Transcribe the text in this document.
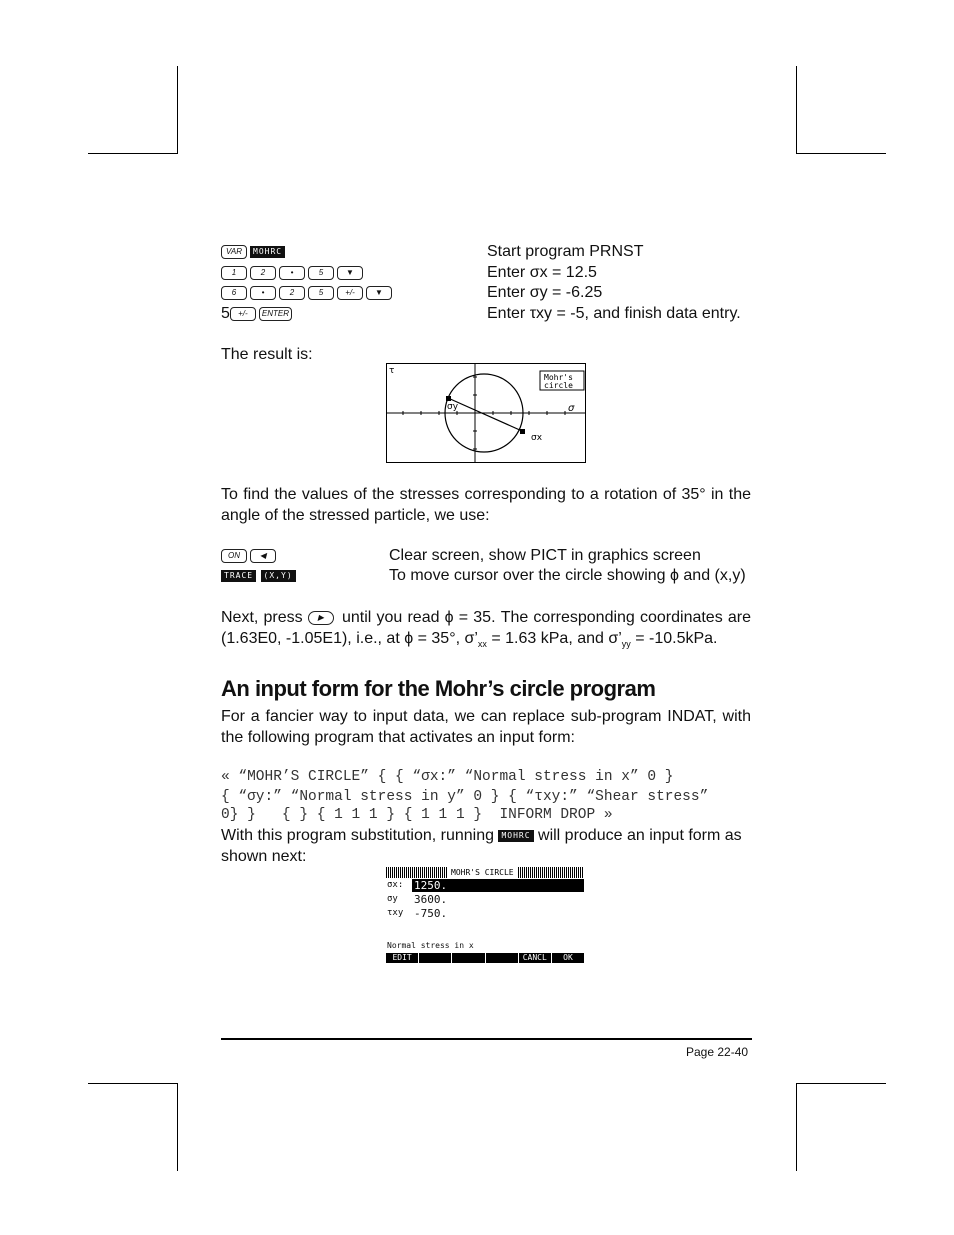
VAR MOHRC	Start program PRNST
1	2	•	5	▼	Enter σx = 12.5
6	•	2	5	+/-	▼	Enter σy = -6.25
5 +/- ENTER	Enter τxy = -5, and finish data entry.
The result is:
τ
σ
σy
σx
Mohr's
circle
To find the values of the stresses corresponding to a rotation of 35° in the angle of the stressed particle, we use:
ON ◀	Clear screen, show PICT in graphics screen
TRACE (X,Y)	To move cursor over the circle showing ϕ and (x,y)
Next, press ▶ until you read ϕ = 35. The corresponding coordinates are (1.63E0, -1.05E1), i.e., at ϕ = 35°, $\sigma’_{xx} = 1.63$ kPa, and $\sigma’_{yy} = -10.5kPa$.
An input form for the Mohr’s circle program
For a fancier way to input data, we can replace sub-program INDAT, with the following program that activates an input form:
« “MOHR’S CIRCLE” { { “σx:” “Normal stress in x” 0 }
{ “σy:” “Normal stress in y” 0 } { “τxy:” “Shear stress”
0} }   { } { 1 1 1 } { 1 1 1 }  INFORM DROP »
With this program substitution, running MOHRC will produce an input form as
shown next:
MOHR'S CIRCLE
σx: 1250.
σy 3600.
τxy -750.
Normal stress in x
EDIT	CANCL	OK
Page 22-40
